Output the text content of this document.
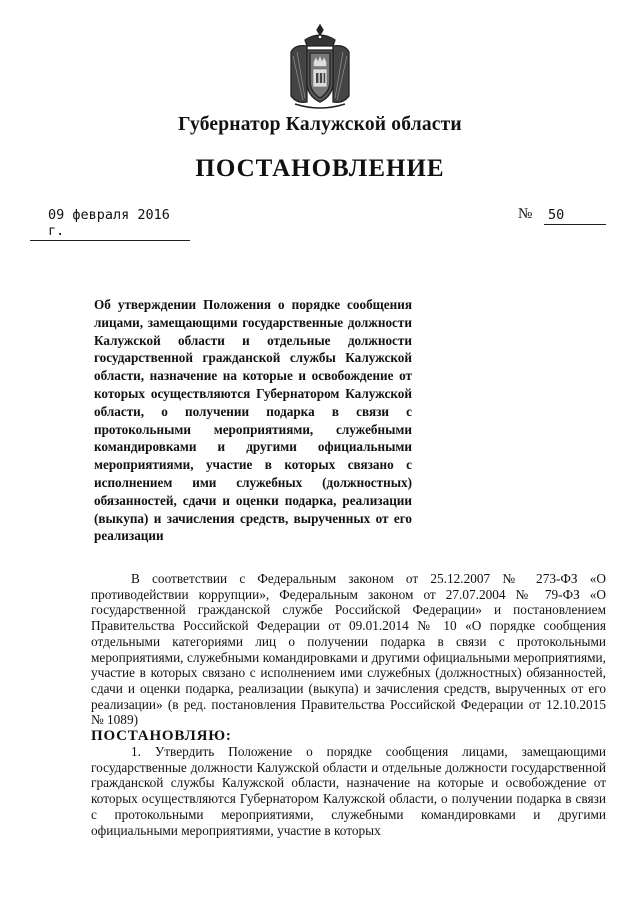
Губернатор Калужской области
ПОСТАНОВЛЕНИЕ
09 февраля 2016 г.
№ 50
Об утверждении Положения о порядке сообщения лицами, замещающими государственные должности Калужской области и отдельные должности государственной гражданской службы Калужской области, назначение на которые и освобождение от которых осуществляются Губернатором Калужской области, о получении подарка в связи с протокольными мероприятиями, служебными командировками и другими официальными мероприятиями, участие в которых связано с исполнением ими служебных (должностных) обязанностей, сдачи и оценки подарка, реализации (выкупа) и зачисления средств, вырученных от его реализации

В соответствии с Федеральным законом от 25.12.2007 № 273-ФЗ «О противодействии коррупции», Федеральным законом от 27.07.2004 № 79-ФЗ «О государственной гражданской службе Российской Федерации» и постановлением Правительства Российской Федерации от 09.01.2014 № 10 «О порядке сообщения отдельными категориями лиц о получении подарка в связи с протокольными мероприятиями, служебными командировками и другими официальными мероприятиями, участие в которых связано с исполнением ими служебных (должностных) обязанностей, сдачи и оценки подарка, реализации (выкупа) и зачисления средств, вырученных от его реализации» (в ред. постановления Правительства Российской Федерации от 12.10.2015 № 1089)

ПОСТАНОВЛЯЮ:

1. Утвердить Положение о порядке сообщения лицами, замещающими государственные должности Калужской области и отдельные должности государственной гражданской службы Калужской области, назначение на которые и освобождение от которых осуществляются Губернатором Калужской области, о получении подарка в связи с протокольными мероприятиями, служебными командировками и другими официальными мероприятиями, участие в которых
